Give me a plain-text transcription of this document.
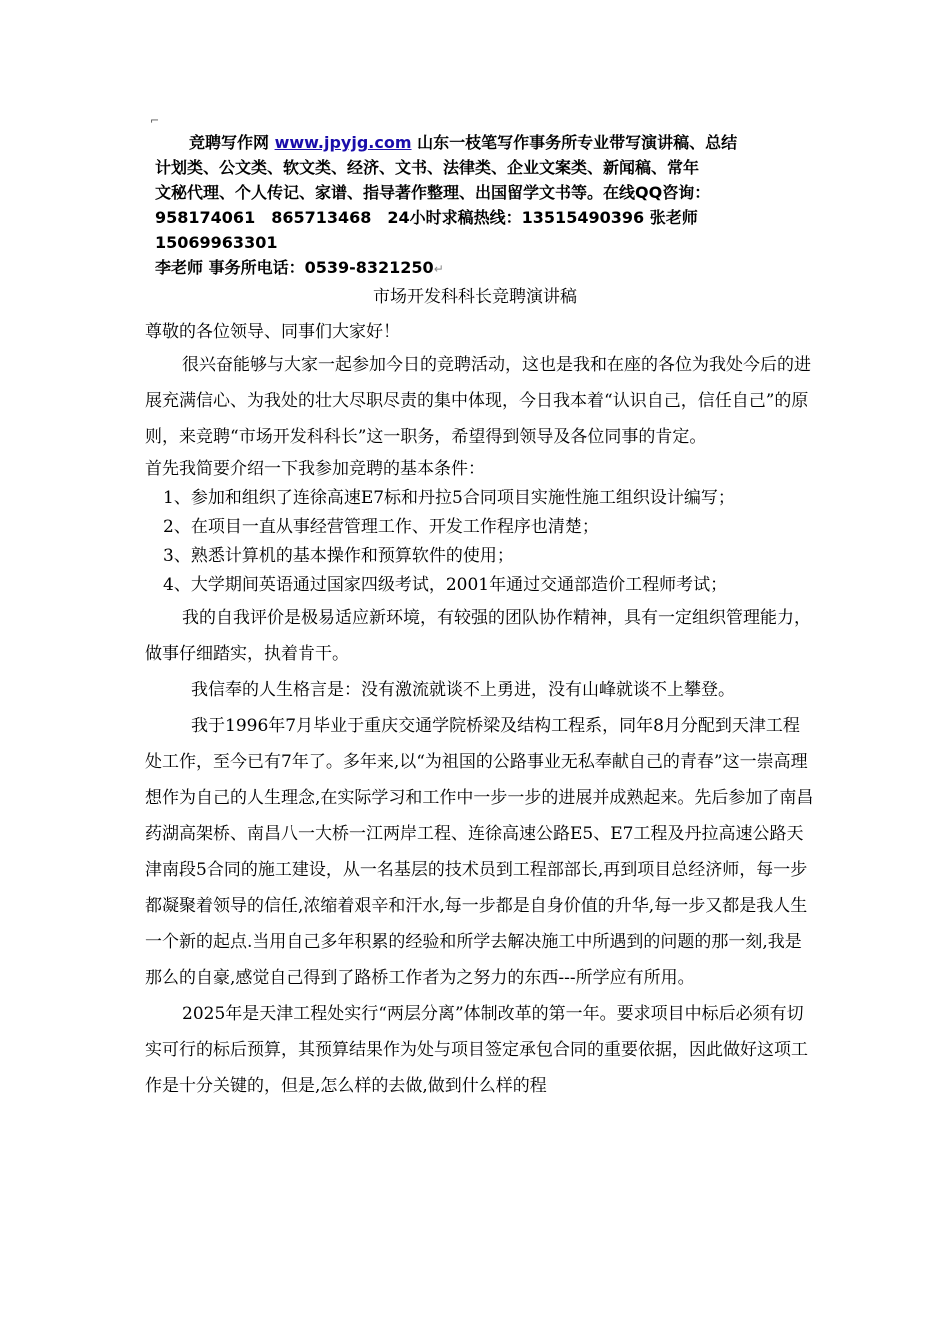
⌐
竞聘写作网 www.jpyjg.com 山东一枝笔写作事务所专业带写演讲稿、总结
计划类、公文类、软文类、经济、文书、法律类、企业文案类、新闻稿、常年
文秘代理、个人传记、家谱、指导著作整理、出国留学文书等。在线QQ咨询：
958174061　865713468　24小时求稿热线：13515490396 张老师　15069963301
李老师 事务所电话：0539-8321250↵
市场开发科科长竞聘演讲稿

尊敬的各位领导、同事们大家好！

很兴奋能够与大家一起参加今日的竞聘活动，这也是我和在座的各位为我处今后的进展充满信心、为我处的壮大尽职尽责的集中体现，今日我本着“认识自己，信任自己”的原则，来竞聘“市场开发科科长”这一职务，希望得到领导及各位同事的肯定。

首先我简要介绍一下我参加竞聘的基本条件：

1、参加和组织了连徐高速E7标和丹拉5合同项目实施性施工组织设计编写；

2、在项目一直从事经营管理工作、开发工作程序也清楚；

3、熟悉计算机的基本操作和预算软件的使用；

4、大学期间英语通过国家四级考试，2001年通过交通部造价工程师考试；

我的自我评价是极易适应新环境，有较强的团队协作精神，具有一定组织管理能力，做事仔细踏实，执着肯干。

我信奉的人生格言是：没有激流就谈不上勇进，没有山峰就谈不上攀登。

我于1996年7月毕业于重庆交通学院桥梁及结构工程系，同年8月分配到天津工程处工作，至今已有7年了。多年来,以“为祖国的公路事业无私奉献自己的青春”这一崇高理想作为自己的人生理念,在实际学习和工作中一步一步的进展并成熟起来。先后参加了南昌药湖高架桥、南昌八一大桥一江两岸工程、连徐高速公路E5、E7工程及丹拉高速公路天津南段5合同的施工建设，从一名基层的技术员到工程部部长,再到项目总经济师，每一步都凝聚着领导的信任,浓缩着艰辛和汗水,每一步都是自身价值的升华,每一步又都是我人生一个新的起点.当用自己多年积累的经验和所学去解决施工中所遇到的问题的那一刻,我是那么的自豪,感觉自己得到了路桥工作者为之努力的东西---所学应有所用。

2025年是天津工程处实行“两层分离”体制改革的第一年。要求项目中标后必须有切实可行的标后预算，其预算结果作为处与项目签定承包合同的重要依据，因此做好这项工作是十分关键的，但是,怎么样的去做,做到什么样的程
